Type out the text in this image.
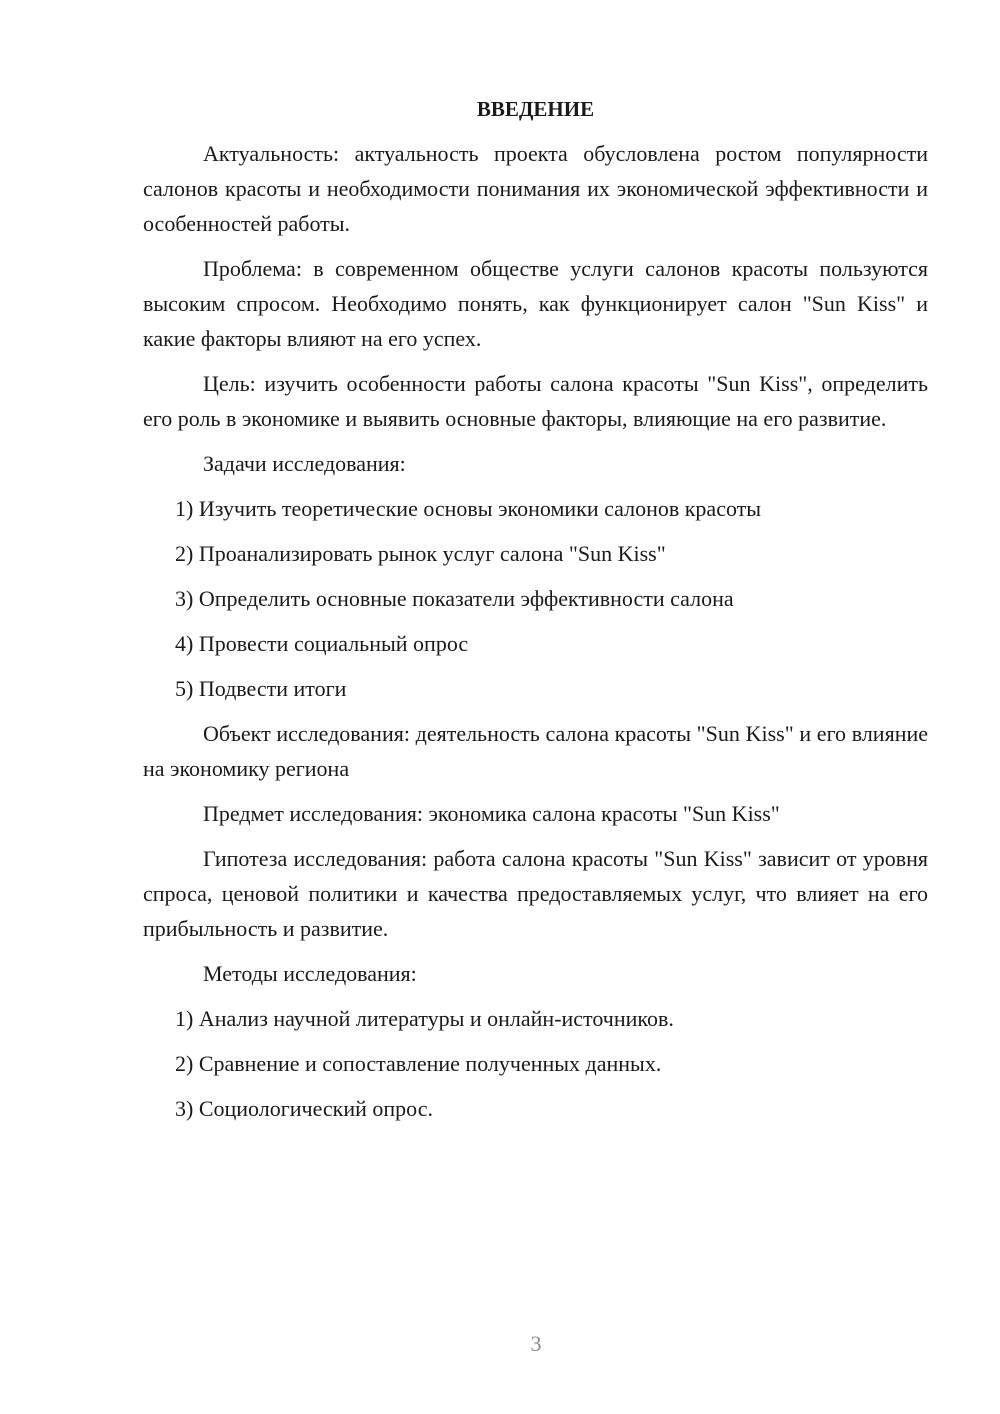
ВВЕДЕНИЕ

Актуальность: актуальность проекта обусловлена ростом популярности салонов красоты и необходимости понимания их экономической эффективности и особенностей работы.

Проблема: в современном обществе услуги салонов красоты пользуются высоким спросом. Необходимо понять, как функционирует салон "Sun Kiss" и какие факторы влияют на его успех.

Цель: изучить особенности работы салона красоты "Sun Kiss", определить его роль в экономике и выявить основные факторы, влияющие на его развитие.

Задачи исследования:

1) Изучить теоретические основы экономики салонов красоты

2) Проанализировать рынок услуг салона "Sun Kiss"

3) Определить основные показатели эффективности салона

4) Провести социальный опрос

5) Подвести итоги

Объект исследования: деятельность салона красоты "Sun Kiss" и его влияние на экономику региона

Предмет исследования: экономика салона красоты "Sun Kiss"

Гипотеза исследования: работа салона красоты "Sun Kiss" зависит от уровня спроса, ценовой политики и качества предоставляемых услуг, что влияет на его прибыльность и развитие.

Методы исследования:

1) Анализ научной литературы и онлайн-источников.

2) Сравнение и сопоставление полученных данных.

3) Социологический опрос.

3
